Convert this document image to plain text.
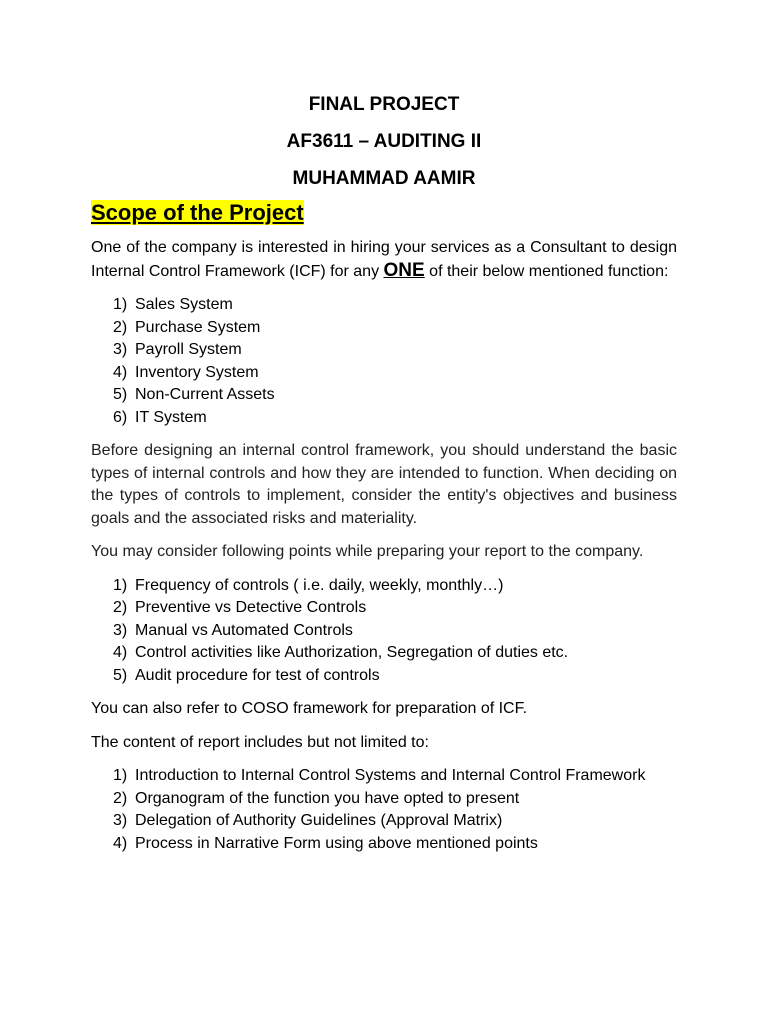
FINAL PROJECT
AF3611 – AUDITING II
MUHAMMAD AAMIR
Scope of the Project

One of the company is interested in hiring your services as a Consultant to design Internal Control Framework (ICF) for any ONE of their below mentioned function:

1) Sales System
2) Purchase System
3) Payroll System
4) Inventory System
5) Non-Current Assets
6) IT System

Before designing an internal control framework, you should understand the basic types of internal controls and how they are intended to function. When deciding on the types of controls to implement, consider the entity's objectives and business goals and the associated risks and materiality.

You may consider following points while preparing your report to the company.

1) Frequency of controls ( i.e. daily, weekly, monthly…)
2) Preventive vs Detective Controls
3) Manual vs Automated Controls
4) Control activities like Authorization, Segregation of duties etc.
5) Audit procedure for test of controls

You can also refer to COSO framework for preparation of ICF.

The content of report includes but not limited to:

1) Introduction to Internal Control Systems and Internal Control Framework
2) Organogram of the function you have opted to present
3) Delegation of Authority Guidelines (Approval Matrix)
4) Process in Narrative Form using above mentioned points
